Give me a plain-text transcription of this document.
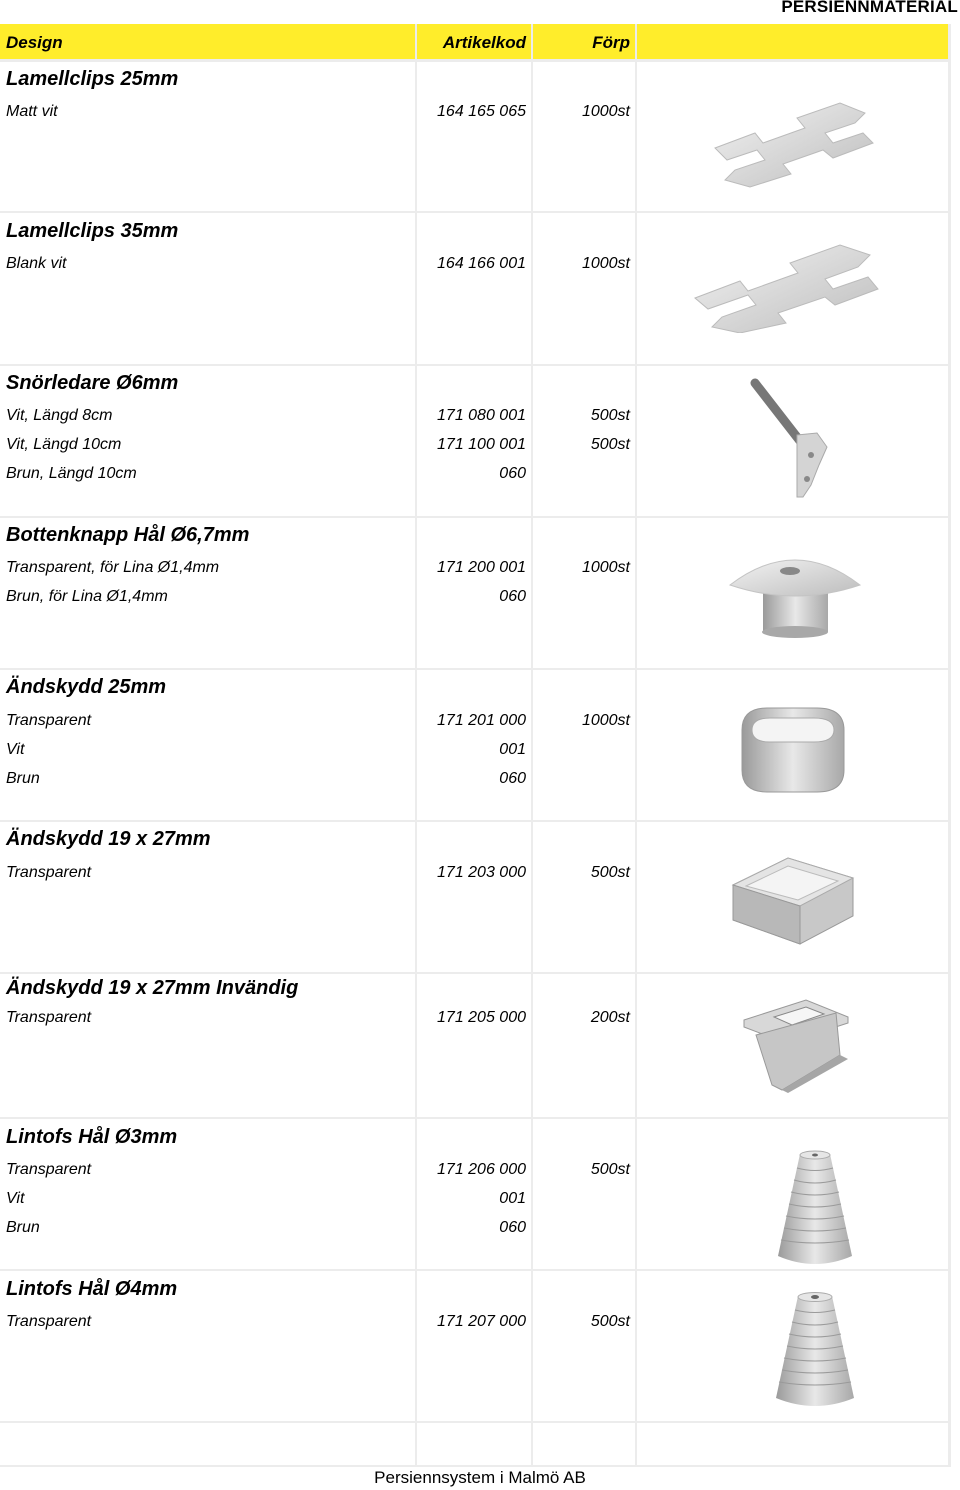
PERSIENNMATERIAL
Design	Artikelkod	Förp
Lamellclips 25mm
Matt vit	164 165 065	1000st
Lamellclips 35mm
Blank vit	164 166 001	1000st
Snörledare Ø6mm
Vit, Längd 8cm	171 080 001	500st
Vit, Längd 10cm	171 100 001	500st
Brun, Längd 10cm	060
Bottenknapp Hål Ø6,7mm
Transparent, för Lina Ø1,4mm	171 200 001	1000st
Brun, för Lina Ø1,4mm	060
Ändskydd 25mm
Transparent	171 201 000	1000st
Vit	001
Brun	060
Ändskydd 19 x 27mm
Transparent	171 203 000	500st
Ändskydd 19 x 27mm Invändig
Transparent	171 205 000	200st
Lintofs Hål Ø3mm
Transparent	171 206 000	500st
Vit	001
Brun	060
Lintofs Hål Ø4mm
Transparent	171 207 000	500st
Persiennsystem i Malmö AB
